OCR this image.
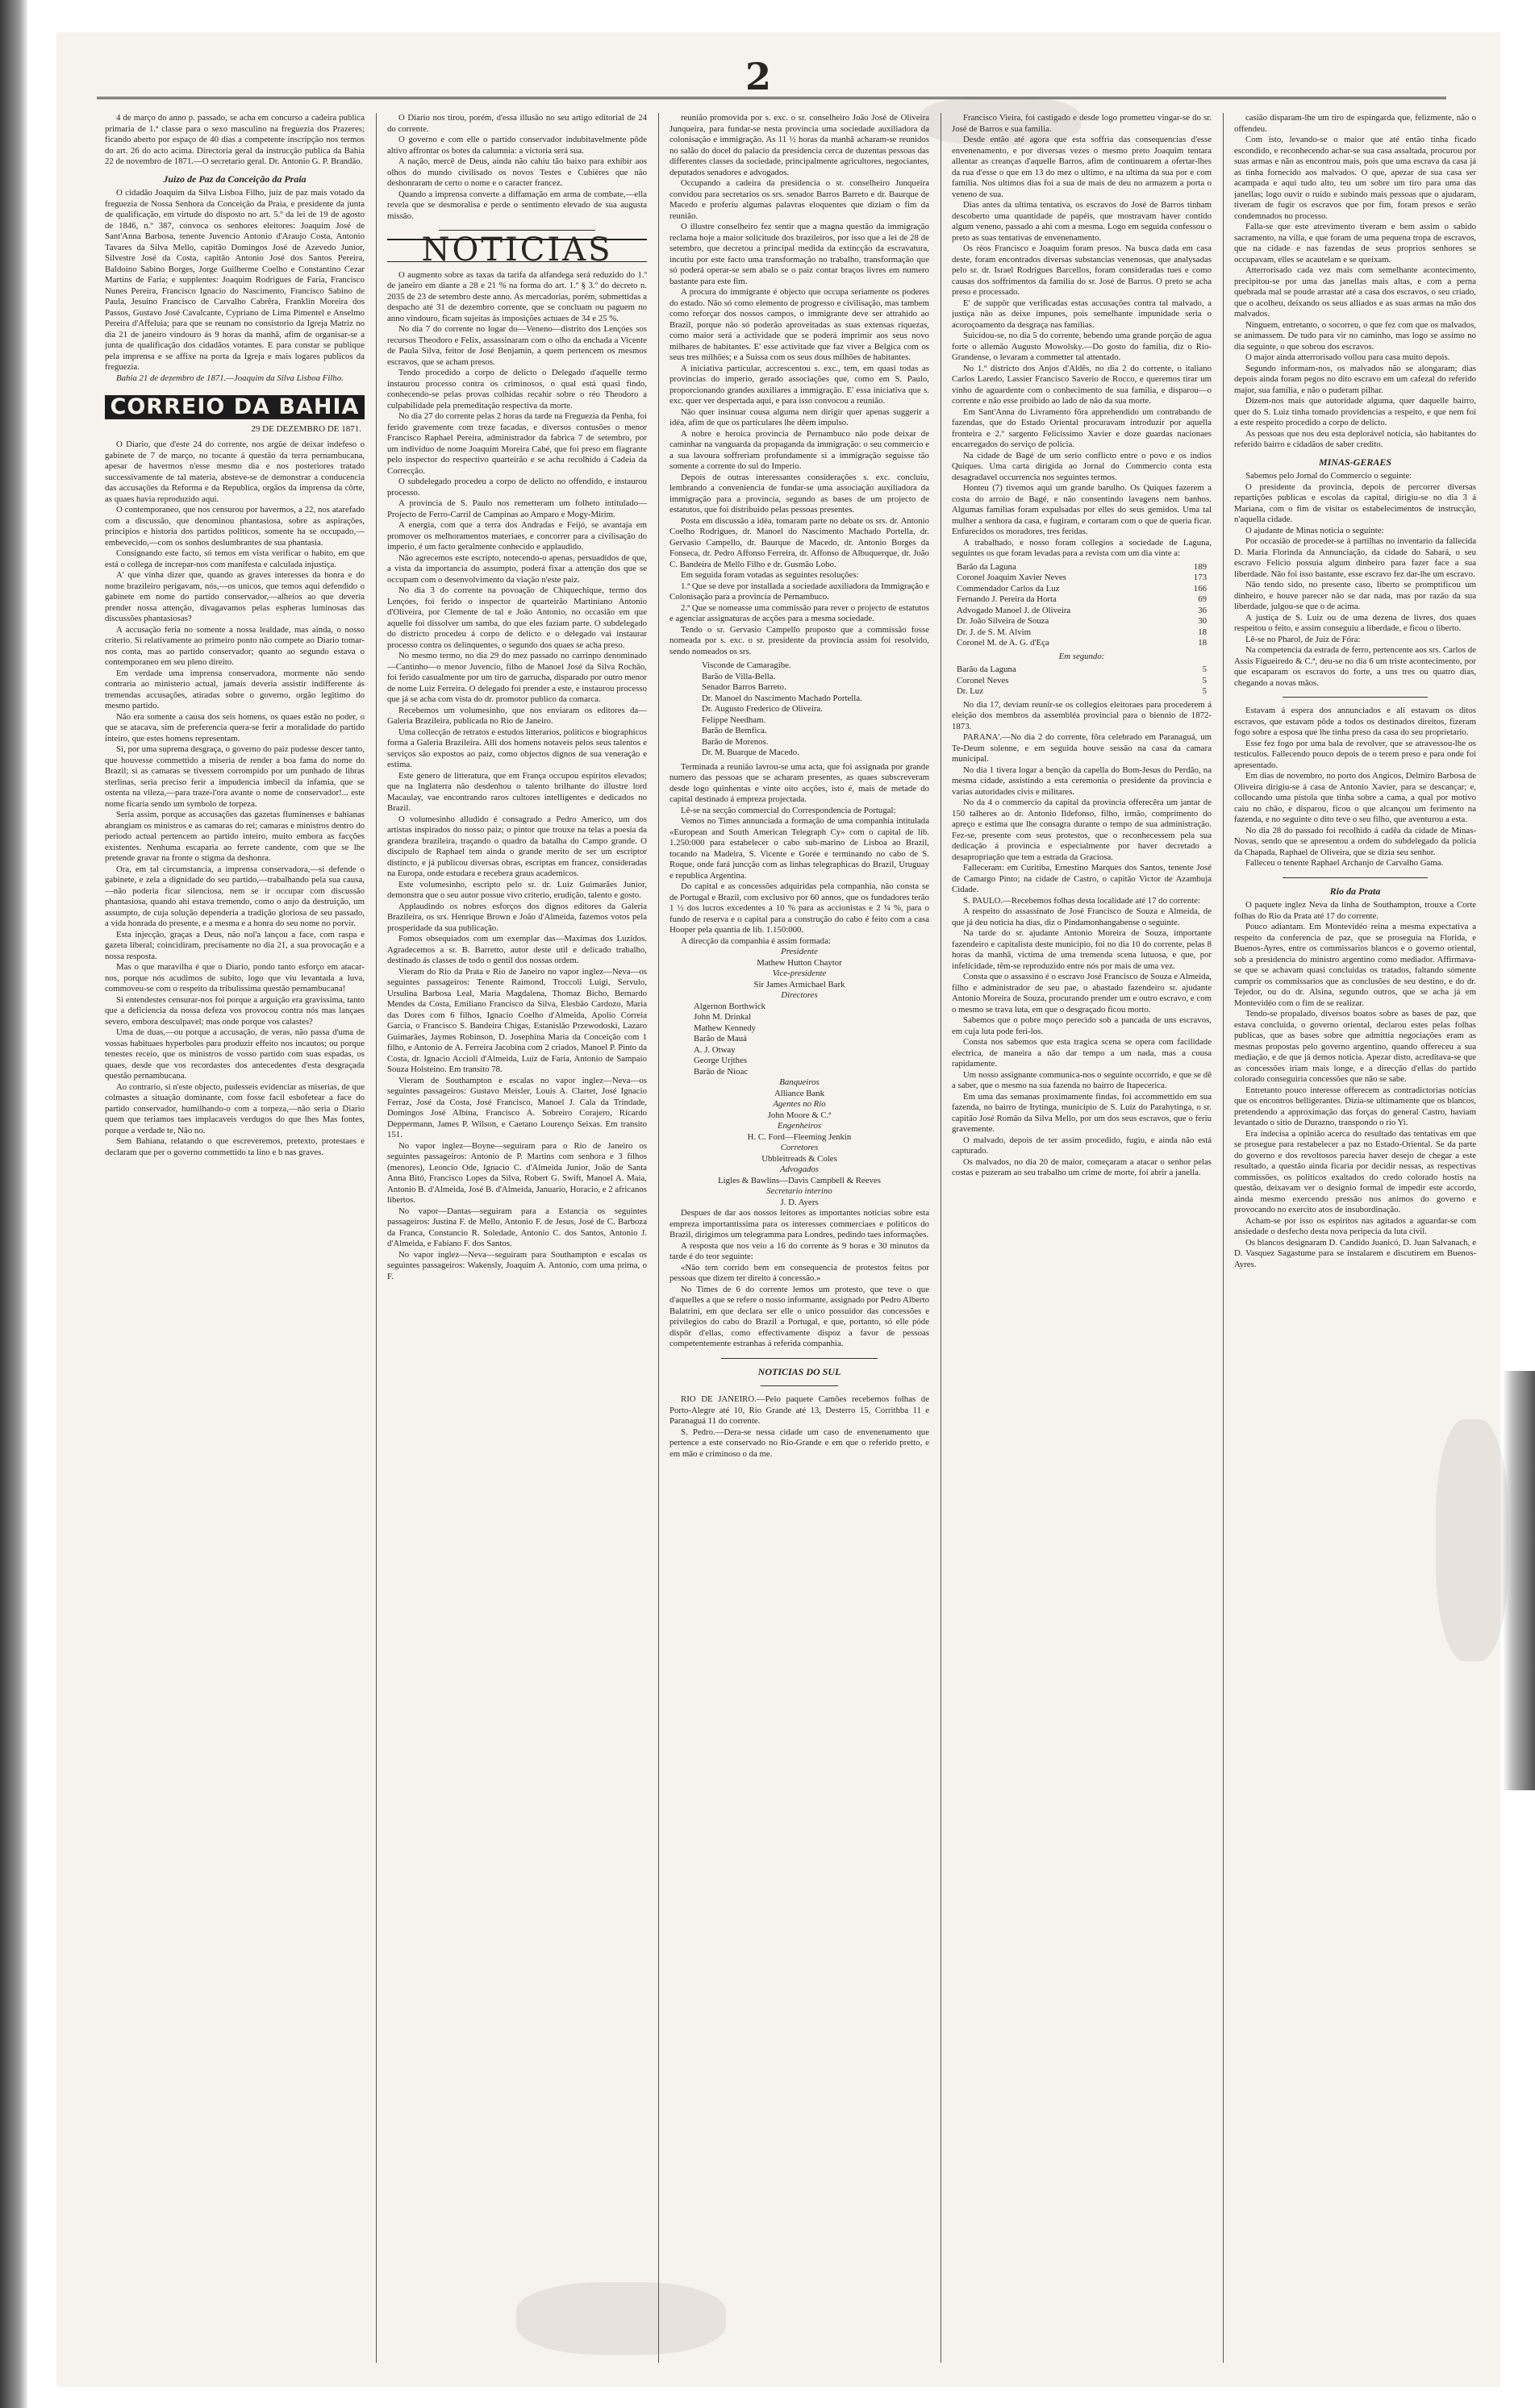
2

4 de março do anno p. passado, se acha em concurso a cadeira publica primaria de 1.ª classe para o sexo masculino na freguezia dos Prazeres; ficando aberto por espaço de 40 dias a competente inscripção nos termos do art. 26 do acto acima. Directoria geral da instrucção publica da Bahia 22 de novembro de 1871.—O secretario geral. Dr. Antonio G. P. Brandão.

Juizo de Paz da Conceição da Praia

O cidadão Joaquim da Silva Lisboa Filho, juiz de paz mais votado da freguezia de Nossa Senhora da Conceição da Praia, e presidente da junta de qualificação, em virtude do disposto no art. 5.º da lei de 19 de agosto de 1846, n.º 387, convoca os senhores eleitores: Joaquim José de Sant'Anna Barbosa, tenente Juvencio Antonio d'Araujo Costa, Antonio Tavares da Silva Mello, capitão Domingos José de Azevedo Junior, Silvestre José da Costa, capitão Antonio José dos Santos Pereira, Baldoino Sabino Borges, Jorge Guilherme Coelho e Constantino Cezar Martins de Faria; e supplentes: Joaquim Rodrigues de Faria, Francisco Nunes Pereira, Francisco Ignacio do Nascimento, Francisco Sabino de Paula, Jesuino Francisco de Carvalho Cabrêra, Franklin Moreira dos Passos, Gustavo José Cavalcante, Cypriano de Lima Pimentel e Anselmo Pereira d'Affeluia; para que se reunam no consistorio da Igreja Matriz no dia 21 de janeiro vindouro ás 9 horas da manhã, afim de organisar-se a junta de qualificação dos cidadãos votantes. E para constar se publique pela imprensa e se affixe na porta da Igreja e mais logares publicos da freguezia.

Bahia 21 de dezembro de 1871.—Joaquim da Silva Lisboa Filho.

CORREIO DA BAHIA
29 DE DEZEMBRO DE 1871.

O Diario, que d'este 24 do corrente, nos argüe de deixar indefeso o gabinete de 7 de março, no tocante á questão da terra pernambucana, apesar de havermos n'esse mesmo dia e nos posteriores tratado successivamente de tal materia, absteve-se de demonstrar a conducencia das accusações da Reforma e da Republica, orgãos da imprensa da côrte, as quaes havia reproduzido aqui.

O contemporaneo, que nos censurou por havermos, a 22, nos atarefado com a discussão, que denominou phantasiosa, sobre as aspirações, principios e historia dos partidos politicos, somente ha se occupado,—embevecido,—com os sonhos deslumbrantes de sua phantasia.

Consignando este facto, só temos em vista verificar o habito, em que está o collega de increpar-nos com manifesta e calculada injustiça.

A' que vinha dizer que, quando as graves interesses da honra e do nome brazileiro perigavam, nós,—os unicos, que temos aqui defendido o gabinete em nome do partido conservador,—alheios ao que deveria prender nossa attenção, divagavamos pelas espheras luminosas das discussões phantasiosas?

A accusação feria no somente a nossa lealdade, mas ainda, o nosso criterio. Si relativamente ao primeiro ponto não compete ao Diario tomar-nos conta, mas ao partido conservador; quanto ao segundo estava o contemporaneo em seu pleno direito.

Em verdade uma imprensa conservadora, mormente não sendo contraria ao ministerio actual, jamais deveria assistir indifferente ás tremendas accusações, atiradas sobre o governo, orgão legitimo do mesmo partido.

Não era somente a causa dos seis homens, os quaes estão no poder, o que se atacava, sim de preferencia quera-se ferir a moralidade do partido inteiro, que estes homens representam.

Si, por uma suprema desgraça, o governo do paiz pudesse descer tanto, que houvesse commettido a miseria de render a boa fama do nome do Brazil; si as camaras se tivessem corrompido por um punhado de libras sterlinas, seria preciso ferir a impudencia imbecil da infamia, que se ostenta na vileza,—para traze-l'ora avante o nome de conservador!... este nome ficaria sendo um symbolo de torpeza.

Seria assim, porque as accusações das gazetas fluminenses e bahianas abrangiam os ministros e as camaras do rei; camaras e ministros dentro do periodo actual pertencem ao partido inteiro, muito embora as facções existentes. Nenhuma escaparia ao ferrete candente, com que se lhe pretende gravar na fronte o stigma da deshonra.

Ora, em tal circumstancia, a imprensa conservadora,—si defende o gabinete, e zela a dignidade do seu partido,—trabalhando pela sua causa,—não poderia ficar silenciosa, nem se ir occupar com discussão phantasiosa, quando ahi estava tremendo, como o anjo da destruição, um assumpto, de cuja solução dependeria a tradição gloriosa de seu passado, a vida honrada do presente, e a mesma e a honra do seu nome no porvir.

Esta injecção, graças a Deus, não nol'a lançou a face, com raspa e gazeta liberal; coincidiram, precisamente no dia 21, a sua provocação e a nossa resposta.

Mas o que maravilha é que o Diario, pondo tanto esforço em atacar-nos, porque nós acudimos de subito, logo que viu levantada a luva, commoveu-se com o respeito da tribulissima questão pernambucana!

Si entendestes censurar-nos foi porque a arguição era gravissima, tanto que a deficiencia da nossa defeza vos provocou contra nós mas lançaes severo, embora desculpavel; mas onde porque vos calastes?

Uma de duas,—ou porque a accusação, de veras, não passa d'uma de vossas habituaes hyperboles para produzir effeito nos incautos; ou porque tenestes receio, que os ministros de vosso partido com suas espadas, os quaes, desde que vos recordastes dos antecedentes d'esta desgraçada questão pernambucana.

Ao contrario, si n'este objecto, pudesseis evidenciar as miserias, de que colmastes a situação dominante, com fosse facil esbofetear a face do partido conservador, humilhando-o com a torpeza,—não seria o Diario quem que teriamos taes implacaveis verdugos do que lhes Mas fontes, porque a verdade te, Não no.

Sem Bahiana, relatando o que escreveremos, pretexto, protestaes e declaram que per o governo commettido ta lino e b nas graves.

O Diario nos tirou, porém, d'essa illusão no seu artigo editorial de 24 do corrente.

O governo e com elle o partido conservador indubitavelmente pôde altivo affrontar os botes da calumnia: a victoria será sua.

A nação, mercê de Deus, ainda não cahiu tão baixo para exhibir aos olhos do mundo civilisado os novos Testes e Cubières que não deshonraram de certo o nome e o caracter francez.

Quando a imprensa converte a diffamação em arma de combate,—ella revela que se desmoralisa e perde o sentimento elevado de sua augusta missão.

NOTICIAS

O augmento sobre as taxas da tarifa da alfandega será reduzido do 1.º de janeiro em diante a 28 e 21 % na forma do art. 1.º § 3.º do decreto n. 2035 de 23 de setembro deste anno. As mercadorias, porém, submettidas a despacho até 31 de dezembro corrente, que se concluam ou paguem no anno vindouro, ficam sujeitas ás imposições actuaes de 34 e 25 %.

No dia 7 do corrente no logar do—Veneno—distrito dos Lençóes sos recursos Theodoro e Felix, assassinaram com o olho da enchada a Vicente de Paula Silva, feitor de José Benjamin, a quem pertencem os mesmos escravos, que se acham presos.

Tendo procedido a corpo de delicto o Delegado d'aquelle termo instaurou processo contra os criminosos, o qual está quasi findo, conhecendo-se pelas provas colhidas recahir sobre o réo Theodoro a culpabilidade pela premeditação respectiva da morte.

No dia 27 do corrente pelas 2 horas da tarde na Freguezia da Penha, foi ferido gravemente com treze facadas, e diversos contusões o menor Francisco Raphael Pereira, administrador da fabrica 7 de setembro, por um individuo de nome Joaquim Moreira Cabé, que foi preso em flagrante pelo inspector do respectivo quarteirão e se acha recolhido á Cadeia da Correcção.

O subdelegado procedeu a corpo de delicto no offendido, e instaurou processo.

A provincia de S. Paulo nos remetteram um folheto intitulado—Projecto de Ferro-Carril de Campinas ao Amparo e Mogy-Mirim.

A energia, com que a terra dos Andradas e Feijó, se avantaja em promover os melhoramentos materiaes, e concorrer para a civilisação do imperio, é um facto geralmente conhecido e applaudido.

Não agrecemos este escripto, notecendo-o apenas, persuadidos de que, a vista da importancia do assumpto, poderá fixar a attenção dos que se occupam com o desenvolvimento da viação n'este paiz.

No dia 3 do corrente na povoação de Chiquechique, termo dos Lençóes, foi ferido o inspector de quarteirão Martiniano Antonio d'Oliveira, por Clemente de tal e João Antonio, no occasião em que aquelle foi dissolver um samba, do que eles faziam parte. O subdelegado do districto procedeu á corpo de delicto e o delegado vai instaurar processo contra os delinquentes, o segundo dos quaes se acha preso.

No mesmo termo, no dia 29 do mez passado no carrinpo denominado—Cantinho—o menor Juvencio, filho de Manoel José da Silva Rochão, foi ferido casualmente por um tiro de garrucha, disparado por outro menor de nome Luiz Ferreira. O delegado foi prender a este, e instaurou processo que já se acha com vista do dr. promotor publico da comarca.

Recebemos um volumesinho, que nos enviaram os editores da—Galeria Brazileira, publicada no Rio de Janeiro.

Uma collecção de retratos e estudos litterarios, politicos e biographicos forma a Galeria Brazileira. Alli dos homens notaveis pelos seus talentos e serviços são expostos ao paiz, como objectos dignos de sua veneração e estima.

Este genero de litteratura, que em França occupou espiritos elevados; que na Inglaterra não desdenhou o talento brilhante do illustre lord Macaulay, vae encontrando raros cultores intelligentes e dedicados no Brazil.

O volumesinho alludido é consagrado a Pedro Americo, um dos artistas inspirados do nosso paiz; o pintor que trouxe na telas a poesia da grandeza brazileira, traçando o quadro da batalha do Campo grande. O discipulo de Raphael tem ainda o grande merito de ser um escriptor distincto, e já publicou diversas obras, escriptas em francez, consideradas na Europa, onde estudara e recebera graus academicos.

Este volumesinho, escripto pelo sr. dr. Luiz Guimarães Junior, demonstra que o seu autor possue vivo criterio, erudição, talento e gosto.

Applaudindo os nobres esforços dos dignos editores da Galeria Brazileira, os srs. Henrique Brown e João d'Almeida, fazemos votos pela prosperidade da sua publicação.

Fomos obsequiados com um exemplar das—Maximas dos Luzidos. Agradecemos a sr. B. Barretto, autor deste util e delicado trabalho, destinado ás classes de todo o gentil dos nossas ordem.

Vieram do Rio da Prata e Rio de Janeiro no vapor inglez—Neva—os seguintes passageiros: Tenente Raimond, Troccoli Luigi, Servulo, Ursulina Barbosa Leal, Maria Magdalena, Thomaz Bicho, Bernardo Mendes da Costa, Emiliano Francisco da Silva, Elesbão Cardozo, Maria das Dores com 6 filhos, Ignacio Coelho d'Almeida, Apolio Correia Garcia, o Francisco S. Bandeira Chigas, Estanislão Przewodoski, Lazaro Guimarães, Jaymes Robinson, D. Josephina Maria da Conceição com 1 filho, e Antonio de A. Ferreira Jacobina com 2 criados, Manoel P. Pinto da Costa, dr. Ignacio Accioli d'Almeida, Luiz de Faria, Antonio de Sampaio Souza Holsteino. Em transito 78.

Vieram de Southampton e escalas no vapor inglez—Neva—os seguintes passageiros: Gustavo Meisler, Louis A. Clartet, José Ignacio Ferraz, José da Costa, José Francisco, Manoel J. Cala da Trindade, Domingos José Albina, Francisco A. Sobreiro Corajero, Ricardo Deppermann, James P. Wilson, e Caetano Lourenço Seixas. Em transito 151.

No vapor inglez—Boyne—seguiram para o Rio de Janeiro os seguintes passageiros: Antonio de P. Martins com senhora e 3 filhos (menores), Leoncio Ode, Ignacio C. d'Almeida Junior, João de Santa Anna Bitó, Francisco Lopes da Silva, Robert G. Swift, Manoel A. Maia, Antonio B. d'Almeida, José B. d'Almeida, Januario, Horacio, e 2 africanos libertos.

No vapor—Dantas—seguiram para a Estancia os seguintes passageiros: Justina F. de Mello, Antonio F. de Jesus, José de C. Barboza da Franca, Constancio R. Soledade, Antonio C. dos Santos, Antonio J. d'Almeida, e Fabiano F. dos Santos.

No vapor inglez—Neva—seguiram para Southampton e escalas os seguintes passageiros: Wakensly, Joaquim A. Antonio, com uma prima, o F.

reunião promovida por s. exc. o sr. conselheiro João José de Oliveira Junqueira, para fundar-se nesta provincia uma sociedade auxiliadora da colonisação e immigração. As 11 ½ horas da manhã acharam-se reunidos no salão do docel do palacio da presidencia cerca de duzentas pessoas das differentes classes da sociedade, principalmente agricultores, negociantes, deputados senadores e advogados.

Occupando a cadeira da presidencia o sr. conselheiro Junqueira convidou para secretarios os srs. senador Barros Barreto e dr. Baurque de Macedo e proferiu algumas palavras eloquentes que diziam o fim da reunião.

O illustre conselheiro fez sentir que a magna questão da immigração reclama hoje a maior solicitude dos brazileiros, por isso que a lei de 28 de setembro, que decretou a principal medida da extincção da escravatura, incutiu por este facto uma transformação no trabalho, transformação que só poderá operar-se sem abalo se o paiz contar braços livres em numero bastante para este fim.

A procura do immigrante é objecto que occupa seriamente os poderes do estado. Não só como elemento de progresso e civilisação, mas tambem como reforçar dos nossos campos, o immigrante deve ser attrahido ao Brazil, porque não só poderão aproveitadas as suas extensas riquezas, como maior será a actividade que se poderá imprimir aos seus novo milhares de habitantes. E' esse activitade que faz viver a Belgica com os seus tres milhões; e a Suissa com os seus dous milhões de habitantes.

A iniciativa particular, accrescentou s. exc., tem, em quasi todas as provincias do imperio, gerado associações que, como em S. Paulo, proporcionando grandes auxiliares a immigração. E' essa iniciativa que s. exc. quer ver despertada aqui, e para isso convocou a reunião.

Não quer insinuar cousa alguma nem dirigir quer apenas suggerir a idéa, afim de que os particulares lhe dêem impulso.

A nobre e heroica provincia de Pernambuco não pode deixar de caminhar na vanguarda da propaganda da immigração: o seu commercio e a sua lavoura soffreriam profundamente si a immigração seguisse tão somente a corrente do sul do Imperio.

Depois de outras interessantes considerações s. exc. concluiu, lembrando a conveniencia de fundar-se uma associação auxiliadora da immigração para a provincia, segundo as bases de um projecto de estatutos, que foi distribuido pelas pessoas presentes.

Posta em discussão a idéa, tomaram parte no debate os srs. dr. Antonio Coelho Rodrigues, dr. Manoel do Nascimento Machado Portella, dr. Gervasio Campello, dr. Baurque de Macedo, dr. Antonio Borges da Fonseca, dr. Pedro Affonso Ferreira, dr. Affonso de Albuquerque, dr. João C. Bandeira de Mello Filho e dr. Gusmão Lobo.

Em seguida foram votadas as seguintes resoluções:

1.ª Que se deve por installada a sociedade auxiliadora da Immigração e Colonisação para a provincia de Pernambuco.

2.ª Que se nomeasse uma commissão para rever o projecto de estatutos e agenciar assignaturas de acções para a mesma sociedade.

Tendo o sr. Gervasio Campello proposto que a commissão fosse nomeada por s. exc. o sr. presidente da provincia assim foi resolvido, sendo nomeados os srs.

Visconde de Camaragibe.
Barão de Villa-Bella.
Senador Barros Barreto.
Dr. Manoel do Nascimento Machado Portella.
Dr. Augusto Frederico de Oliveira.
Felippe Needham.
Barão de Bemfica.
Barão de Morenos.
Dr. M. Buarque de Macedo.

Terminada a reunião lavrou-se uma acta, que foi assignada por grande numero das pessoas que se acharam presentes, as quaes subscreveram desde logo quinhentas e vinte oito acções, isto é, mais de metade do capital destinado á empreza projectada.

Lê-se na secção commercial do Correspondencia de Portugal:

Vemos no Times annunciada a formação de uma companhia intitulada «European and South American Telegraph Cy» com o capital de lib. 1.250:000 para estabelecer o cabo sub-marino de Lisboa ao Brazil, tocando na Madeira, S. Vicente e Gorée e terminando no cabo de S. Roque, onde fará juncção com as linhas telegraphicas do Brazil, Uruguay e republica Argentina.

Do capital e as concessões adquiridas pela companhia, não consta se de Portugal e Brazil, com exclusivo por 60 annos, que os fundadores terão 1 ½ dos lucros excedentes a 10 % para as accionistas e 2 ¼ %, para o fundo de reserva e o capital para a construção do cabo é feito com a casa Hooper pela quantia de lib. 1.150:000.

A direcção da companhia é assim formada:

Presidente
Mathew Hutton Chaytor
Vice-presidente
Sir James Armichael Bark
Directores
Algernon Borthwick
John M. Drinkal
Mathew Kennedy
Barão de Mauá
A. J. Otway
George Urjthes
Barão de Nioac
Banqueiros
Alliance Bank
Agentes no Rio
John Moore & C.ª
Engenheiros
H. C. Ford—Fleeming Jenkin
Corretores
Ubbleitreads & Coles
Advogados
Ligles & Bawlins—Davis Campbell & Reeves
Secretario interino
J. D. Ayers

Despues de dar aos nossos leitores as importantes noticias sobre esta empreza importantissima para os interesses commerciaes e politicos do Brazil, dirigimos um telegramma para Londres, pedindo taes informações.

A resposta que nos veio a 16 do corrente ás 9 horas e 30 minutos da tarde é do teor seguinte:

«Não tem corrido bem em consequencia de protestos feitos por pessoas que dizem ter direito á concessão.»

No Times de 6 do corrente lemos um protesto, que teve o que d'aquelles a que se refere o nosso informante, assignado por Pedro Alberto Balatrini, em que declara ser elle o unico possuidor das concessões e privilegios do cabo do Brazil a Portugal, e que, portanto, só elle póde dispôr d'ellas, como effectivamente dispoz a favor de pessoas competentemente estranhas á referida companhia.

NOTICIAS DO SUL

RIO DE JANEIRO.—Pelo paquete Camões recebemos folhas de Porto-Alegre até 10, Rio Grande até 13, Desterro 15, Corrithba 11 e Paranaguá 11 do corrente.

S. Pedro.—Dera-se nessa cidade um caso de envenenamento que pertence a este conservado no Rio-Grande e em que o referido pretto, e em mão e criminoso o da me.

Francisco Vieira, foi castigado e desde logo prometteu vingar-se do sr. José de Barros e sua familia.

Desde então até agora que esta soffria das consequencias d'esse envenenamento, e por diversas vezes o mesmo preto Joaquim tentara allentar as creanças d'aquelle Barros, afim de continuarem a ofertar-lhes da rua d'esse o que em 13 do mez o ultimo, e na ultima da sua por e com familia. Nos ultimos dias foi a sua de mais de deu no armazem a porta o veneno de sua.

Dias antes da ultima tentativa, os escravos do José de Barros tinham descoberto uma quantidade de papéis, que mostravam haver contido algum veneno, passado a ahi com a mesma. Logo em seguida confessou o preto as suas tentativas de envenenamento.

Os réos Francisco e Joaquim foram presos. Na busca dada em casa deste, foram encontrados diversas substancias venenosas, que analysadas pelo sr. dr. Israel Rodrigues Barcellos, foram consideradas tues e como causas dos soffrimentos da familia do sr. José de Barros. O preto se acha preso e processado.

E' de suppôr que verificadas estas accusações contra tal malvado, a justiça não as deixe impunes, pois semelhante impunidade seria o acoroçoamento da desgraça nas familias.

Suicidou-se, no dia 5 do corrente, bebendo uma grande porção de agua forte o allemão Augusto Mowolsky.—Do gosto do familia, diz o Rio-Grandense, o levaram a commetter tal attentado.

No 1.º districto dos Anjos d'Aldês, no dia 2 do corrente, o italiano Carlos Laredo, Lassier Francisco Saverio de Rocco, e queremos tirar um vinho de aguardente com o conhecimento de sua familia, e disparou—o corrente e não esse proibido ao lado de não da sua morte.

Em Sant'Anna do Livramento fôra apprehendido um contrabando de fazendas, que do Estado Oriental procuravam introduzir por aquella fronteira e 2.º sargento Felicissimo Xavier e doze guardas nacionaes encarregados do serviço de policia.

Na cidade de Bagé de um serio conflicto entre o povo e os indios Quiques. Uma carta dirigida ao Jornal do Commercio conta esta desagradavel occurrencia nos seguintes termos.

Honteu (7) tivemos aqui um grande barulho. Os Quiques fazerem a costa do arroio de Bagé, e não consentindo lavagens nem banhos. Algumas familias foram expulsadas por elles do seus gemidos. Uma tal mulher a senhora da casa, e fugiram, e cortaram com o que de queria ficar. Enfurecidos os moradores, tres feridas.

A trabalhado, e nosso foram collegios a sociedade de Laguna, seguintes os que foram levadas para a revista com um dia vinte a:

Barão da Laguna	189
Coronel Joaquim Xavier Neves	173
Commendador Carlos da Luz	166
Fernando J. Pereira da Horta	69
Advogado Manoel J. de Oliveira	36
Dr. João Silveira de Souza	30
Dr. J. de S. M. Alvim	18
Coronel M. de A. G. d'Eça	18
Em segundo:
Barão da Laguna	5
Coronel Neves	5
Dr. Luz	5

No dia 17, deviam reunir-se os collegios eleitoraes para procederem á eleição dos membros da assembléa provincial para o biennio de 1872-1873.

PARANA'.—No dia 2 do corrente, fôra celebrado em Paranaguá, um Te-Deum solenne, e em seguida houve sessão na casa da camara municipal.

No dia 1 tivera logar a benção da capella do Bom-Jesus do Perdão, na mesma cidade, assistindo a esta ceremonia o presidente da provincia e varias autoridades civis e militares.

No da 4 o commercio da capital da provincia offerecêra um jantar de 150 talheres ao dr. Antonio Ildefonso, filho, irmão, comprimento do apreço e estima que lhe consagra durante o tempo de sua administração. Fez-se, presente com seus protestos, que o reconhecessem pela sua dedicação á provincia e especialmente por haver decretado a desapropriação que tem a estrada da Graciosa.

Falleceram: em Curitiba, Ernestino Marques dos Santos, tenente José de Camargo Pinto; na cidade de Castro, o capitão Victor de Azambuja Cidade.

S. PAULO.—Recebemos folhas desta localidade até 17 do corrente:

A respeito do assassinato de José Francisco de Souza e Almeida, de que já deu noticia ha dias, diz o Pindamonhangabense o seguinte.

Na tarde do sr. ajudante Antonio Moreira de Souza, importante fazendeiro e capitalista deste municipio, foi no dia 10 do corrente, pelas 8 horas da manhã, victima de uma tremenda scena lutuosa, e que, por infelicidade, têm-se reproduzido entre nós por mais de uma vez.

Consta que o assassino é o escravo José Francisco de Souza e Almeida, filho e administrador de seu pae, o abastado fazendeiro sr. ajudante Antonio Moreira de Souza, procurando prender um e outro escravo, e com o mesmo se trava luta, em que o desgraçado ficou morto.

Sabemos que o pobre moço perecido sob a pancada de uns escravos, em cuja luta pode feri-los.

Consta nos sabemos que esta tragica scena se opera com facilidade electrica, de maneira a não dar tempo a um nada, mas a cousa rapidamente.

Um nosso assignante communica-nos o seguinte occorrido, e que se dê a saber, que o mesmo na sua fazenda no bairro de Itapecerica.

Em uma das semanas proximamente findas, foi accommettido em sua fazenda, no bairro de Itytinga, municipio de S. Luiz do Parahytinga, o sr. capitão José Romão da Silva Mello, por um dos seus escravos, que o feriu gravemente.

O malvado, depois de ter assim procedido, fugiu, e ainda não está capturado.

Os malvados, no dia 20 de maior, começaram a atacar o senhor pelas costas e puzeram ao seu trabalho um crime de morte, foi abrir a janella.

casião disparam-lhe um tiro de espingarda que, felizmente, não o offendeu.

Com isto, levando-se o maior que até então tinha ficado escondido, e reconhecendo achar-se sua casa assaltada, procurou por suas armas e não as encontrou mais, pois que uma escrava da casa já as tinha fornecido aos malvados. O que, apezar de sua casa ser acampada e aqui tudo alto, teu um sobre um tiro para uma das janellas; logo ouvir o ruído e subindo mais pessoas que o ajudaram, tiveram de fugir os escravos que por fim, foram presos e serão condemnados no processo.

Falla-se que este atrevimento tiveram e bem assim o sabido sacramento, na villa, e que foram de uma pequena tropa de escravos, que na cidade e nas fazendas de seus proprios senhores se occupavam, elles se acautelam e se queixam.

Atterrorisado cada vez mais com semelhante acontecimento, precipitou-se por uma das janellas mais altas, e com a perna quebrada mal se poude arrastar até a casa dos escravos, o seu criado, que o acolheu, deixando os seus alliados e as suas armas na mão dos malvados.

Ninguem, entretanto, o socorreu, o que fez com que os malvados, se animassem. De tudo para vir no caminho, mas logo se assimo no dia seguinte, o que sobrou dos escravos.

O major ainda atterrorisado vollou para casa muito depois.

Segundo informam-nos, os malvados não se alongaram; dias depois ainda foram pegos no dito escravo em um cafezal do referido major, sua família, e não o puderam pilhar.

Dizem-nos mais que autoridade alguma, quer daquelle bairro, quer do S. Luiz tinha tomado providencias a respeito, e que nem foi a este respeito procedido a corpo de delicto.

As pessoas que nos deu esta deplorável noticia, são habitantes do referido bairro e cidadãos de saber credito.

MINAS-GERAES

Sabemos pelo Jornal do Commercio o seguinte:

O presidente da provincia, depois de percorrer diversas repartições publicas e escolas da capital, dirigiu-se no dia 3 á Mariana, com o fim de visitar os estabelecimentos de instrucção, n'aquella cidade.

O ajudante de Minas noticia o seguinte:

Por occasião de proceder-se á partilhas no inventario da fallecida D. Maria Florinda da Annunciação, da cidade do Sabará, o seu escravo Felicio possuia algum dinheiro para fazer face a sua liberdade. Não foi isso bastante, esse escravo fez dar-lhe um escravo.

Não tendo sido, no presente caso, liberto se promptificou um dinheiro, e houve parecer não se dar nada, mas por razão da sua liberdade, julgou-se que o de acima.

A justiça de S. Luiz ou de uma dezena de livres, dos quaes respeitou o feito, e assim conseguiu a liberdade, e ficou o liberto.

Lê-se no Pharol, de Juiz de Fóra:

Na competencia da estrada de ferro, pertencente aos srs. Carlos de Assis Figueiredo & C.ª, deu-se no dia 6 um triste acontecimento, por que escaparam os escravos do forte, a uns tres ou quatro dias, chegando a novas mãos.

Estavam á espera dos annunciados e ali estavam os ditos escravos, que estavam pôde a todos os destinados direitos, fizeram fogo sobre a esposa que lhe tinha preso da casa do seu proprietario.

Esse fez fogo por uma bala de revolver, que se atravessou-lhe os testiculos. Fallecendo pouco depois de o terem preso e para onde foi apresentado.

Em dias de novembro, no porto dos Angicos, Delmiro Barbosa de Oliveira dirigiu-se á casa de Antonio Xavier, para se descançar; e, collocando uma pistola que tinha sobre a cama, a qual por motivo caiu no chão, e disparou, ficou o que alcançou um ferimento na fazenda, e no seguinte o dito teve o seu filho, que aventurou a esta.

No dia 28 do passado foi recolhido á cadêa da cidade de Minas-Novas, sendo que se apresentou a ordem do subdelegado da policia da Chapada, Raphael de Oliveira, que se dizia seu senhor.

Falleceu o tenente Raphael Archanjo de Carvalho Gama.

Rio da Prata

O paquete inglez Neva da linha de Southampton, trouxe a Corte folhas do Rio da Prata até 17 do corrente.

Pouco adiantam. Em Montevidéo reina a mesma expectativa a respeito da conferencia de paz, que se proseguia na Florida, e Buenos-Ayres, entre os commissarios blancos e o governo oriental, sob a presidencia do ministro argentino como mediador. Affirmava-se que se achavam quasi concluidas os tratados, faltando sómente cumprir os commissarios que as conclusões de seu destino, e do dr. Tejedor, ou do dr. Alsina, segundo outros, que se acha já em Montevidéo com o fim de se realizar.

Tendo-se propalado, diversos boatos sobre as bases de paz, que estava concluida, o governo oriental, declarou estes pelas folhas publicas, que as bases sobre que admittia negociações eram as mesmas propostas pelo governo argentino, quando offereceu a sua mediação, e de que já demos noticia. Apezar disto, acreditava-se que as concessões iriam mais longe, e a direcção d'ellas do partido colorado conseguiria concessões que não se sabe.

Entretanto pouco interesse offerecem as contradictorias noticias que os encontros belligerantes. Dizia-se ultimamente que os blancos, pretendendo a approximação das forças do general Castro, haviam levantado o sitio de Durazno, transpondo o rio Yi.

Era indecisa a opinião acerca do resultado das tentativas em que se prosegue para restabelecer a paz no Estado-Oriental. Se da parte do governo e dos revoltosos parecia haver desejo de chegar a este resultado, a questão ainda ficaria por decidir nessas, as respectivas commissões, os politicos exaltados do credo colorado hostis na questão, deixavam ver o designio formal de impedir este accordo, ainda mesmo exercendo pressão nos animos do governo e provocando no exercito atos de insubordinação.

Acham-se por isso os espiritos nas agitados a aguardar-se com ansiedade o desfecho desta nova peripecia da luta civil.

Os blancos designaram D. Candido Juanicó, D. Juan Salvanach, e D. Vasquez Sagastume para se instalarem e discutirem em Buenos-Ayres.
